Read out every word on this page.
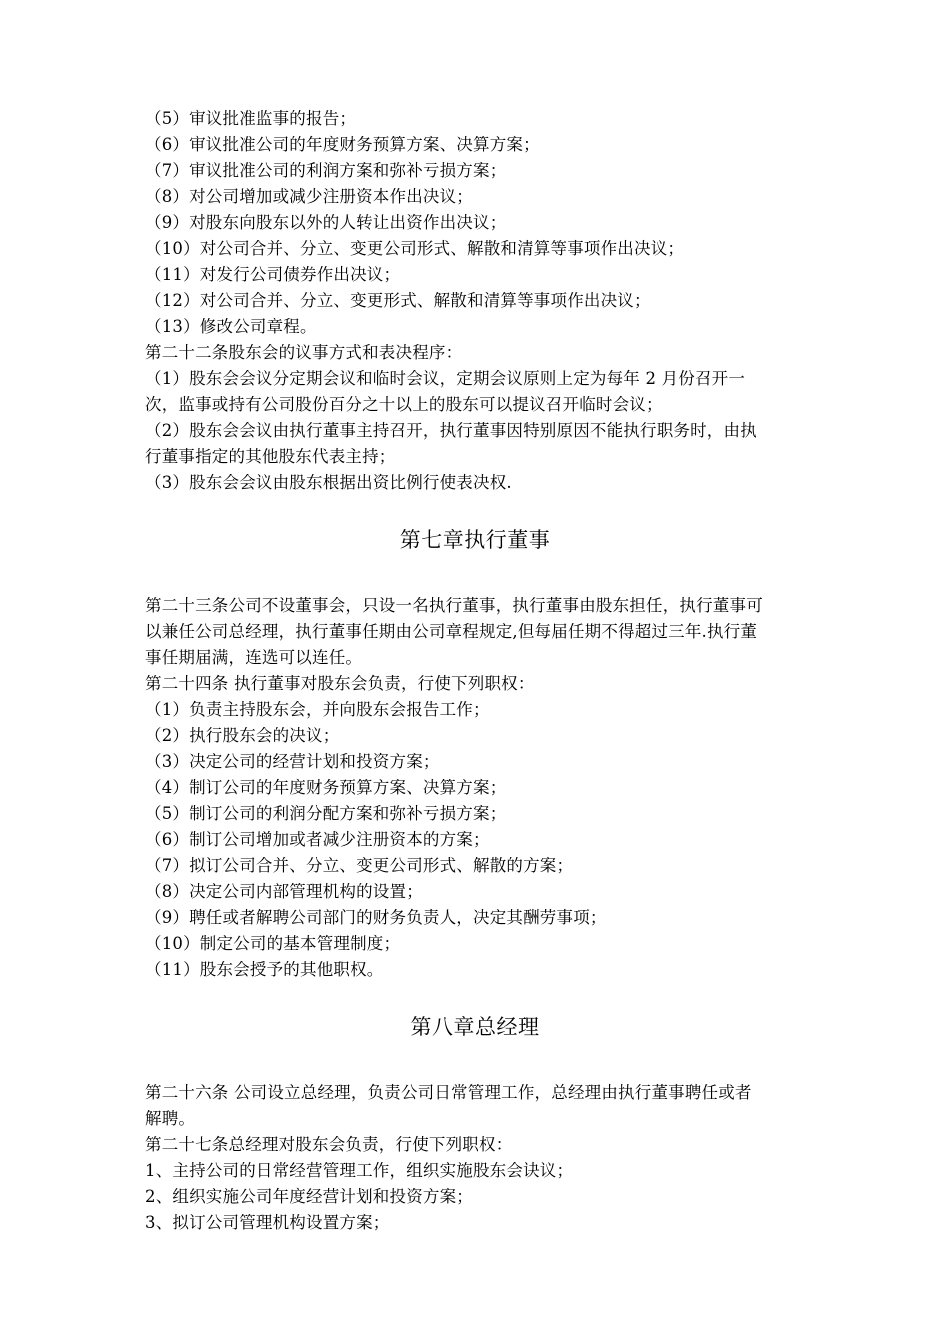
（5）审议批准监事的报告；
（6）审议批准公司的年度财务预算方案、决算方案；
（7）审议批准公司的利润方案和弥补亏损方案；
（8）对公司增加或减少注册资本作出决议；
（9）对股东向股东以外的人转让出资作出决议；
（10）对公司合并、分立、变更公司形式、解散和清算等事项作出决议；
（11）对发行公司债券作出决议；
（12）对公司合并、分立、变更形式、解散和清算等事项作出决议；
（13）修改公司章程。
第二十二条股东会的议事方式和表决程序：
（1）股东会会议分定期会议和临时会议，定期会议原则上定为每年 2 月份召开一
次，监事或持有公司股份百分之十以上的股东可以提议召开临时会议；
（2）股东会会议由执行董事主持召开，执行董事因特别原因不能执行职务时，由执
行董事指定的其他股东代表主持；
（3）股东会会议由股东根据出资比例行使表决权.
第七章执行董事
第二十三条公司不设董事会，只设一名执行董事，执行董事由股东担任，执行董事可
以兼任公司总经理，执行董事任期由公司章程规定,但每届任期不得超过三年.执行董
事任期届满，连选可以连任。
第二十四条 执行董事对股东会负责，行使下列职权：
（1）负责主持股东会，并向股东会报告工作；
（2）执行股东会的决议；
（3）决定公司的经营计划和投资方案；
（4）制订公司的年度财务预算方案、决算方案；
（5）制订公司的利润分配方案和弥补亏损方案；
（6）制订公司增加或者减少注册资本的方案；
（7）拟订公司合并、分立、变更公司形式、解散的方案；
（8）决定公司内部管理机构的设置；
（9）聘任或者解聘公司部门的财务负责人，决定其酬劳事项；
（10）制定公司的基本管理制度；
（11）股东会授予的其他职权。
第八章总经理
第二十六条 公司设立总经理，负责公司日常管理工作，总经理由执行董事聘任或者
解聘。
第二十七条总经理对股东会负责，行使下列职权：
1、主持公司的日常经营管理工作，组织实施股东会诀议；
2、组织实施公司年度经营计划和投资方案；
3、拟订公司管理机构设置方案；
